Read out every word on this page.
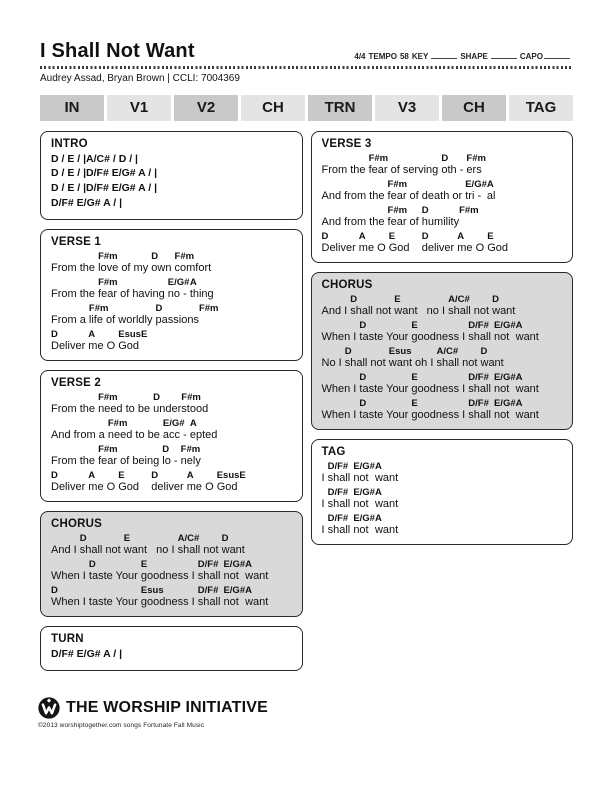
I Shall Not Want	4/4 TEMPO 58 KEY	SHAPE	CAPO
Audrey Assad, Bryan Brown | CCLI: 7004369
IN	V1	V2	CH	TRN	V3	CH	TAG
INTRO
D / E / |A/C# / D / |
D / E / |D/F# E/G# A / |
D / E / |D/F# E/G# A / |
D/F# E/G# A / |
VERSE 1
From the
F#m
love of my
D
own
F#m
comfort
From the
F#m
fear of having
E/G#
no -
A
thing
From a
F#m
life of worldly
D
passions
F#m
D
Deliver
A
me O
Esus
God
E
VERSE 2
From the
F#m
need to be
D
under
F#m
stood
And from a
F#m
need to be
E/G#
acc -
A
epted
From the
F#m
fear of being
D
lo -
F#m
nely
D
Deliver
A
me O
E
God
D
deliver
A
me O
Esus
God
E
CHORUS
And I
D
shall not
E
want   no I
A/C#
shall not
D
want
When I
D
taste Your
E
goodness I
D/F#
shall
E/G#
not
A
want
D
When I taste Your
Esus
goodness I
D/F#
shall
E/G#
not
A
want
TURN
D/F# E/G# A / |
VERSE 3
From the
F#m
fear of serving
D
oth -
F#m
ers
And from the
F#m
fear of death or
E/G#
tri -
A
al
And from the
F#m
fear of
D
humility
F#m
D
Deliver
A
me O
E
God
D
deliver
A
me O
E
God
CHORUS
And I
D
shall not
E
want   no I
A/C#
shall not
D
want
When I
D
taste Your
E
goodness I
D/F#
shall
E/G#
not
A
want
No I
D
shall not
Esus
want oh I
A/C#
shall not
D
want
When I
D
taste Your
E
goodness I
D/F#
shall
E/G#
not
A
want
When I
D
taste Your
E
goodness I
D/F#
shall
E/G#
not
A
want
TAG
I
D/F#
shall
E/G#
not
A
want
I
D/F#
shall
E/G#
not
A
want
I
D/F#
shall
E/G#
not
A
want
THE WORSHIP INITIATIVE
©2013 worshiptogether.com songs Fortunate Fall Music
